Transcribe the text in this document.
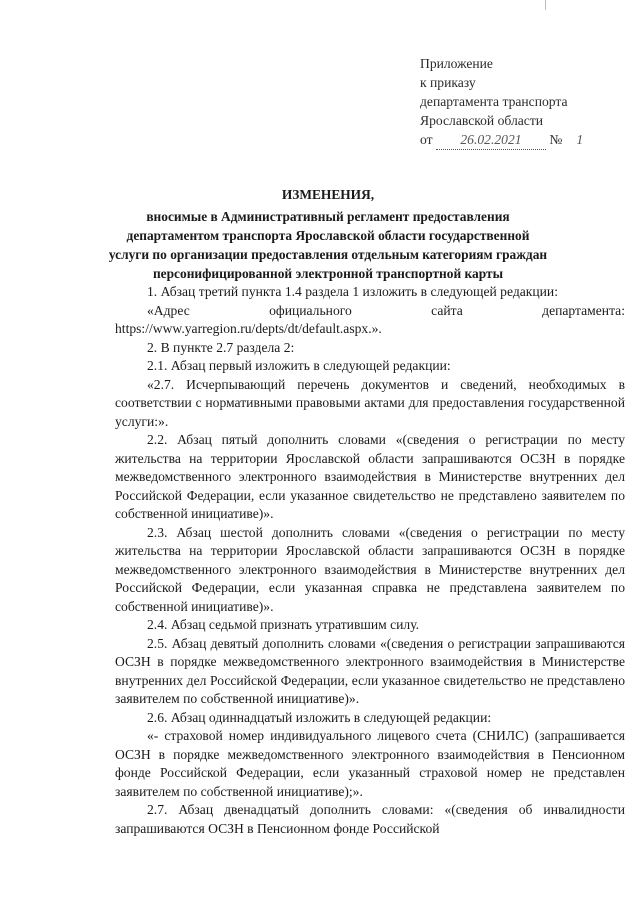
Приложение
к приказу
департамента транспорта
Ярославской области
от 26.02.2021 № 1
ИЗМЕНЕНИЯ,
вносимые в Административный регламент предоставления департаментом транспорта Ярославской области государственной услуги по организации предоставления отдельным категориям граждан персонифицированной электронной транспортной карты

1. Абзац третий пункта 1.4 раздела 1 изложить в следующей редакции:

«Адрес официального сайта департамента: https://www.yarregion.ru/depts/dt/default.aspx.».

2. В пункте 2.7 раздела 2:

2.1. Абзац первый изложить в следующей редакции:

«2.7. Исчерпывающий перечень документов и сведений, необходимых в соответствии с нормативными правовыми актами для предоставления государственной услуги:».

2.2. Абзац пятый дополнить словами «(сведения о регистрации по месту жительства на территории Ярославской области запрашиваются ОСЗН в порядке межведомственного электронного взаимодействия в Министерстве внутренних дел Российской Федерации, если указанное свидетельство не представлено заявителем по собственной инициативе)».

2.3. Абзац шестой дополнить словами «(сведения о регистрации по месту жительства на территории Ярославской области запрашиваются ОСЗН в порядке межведомственного электронного взаимодействия в Министерстве внутренних дел Российской Федерации, если указанная справка не представлена заявителем по собственной инициативе)».

2.4. Абзац седьмой признать утратившим силу.

2.5. Абзац девятый дополнить словами «(сведения о регистрации запрашиваются ОСЗН в порядке межведомственного электронного взаимодействия в Министерстве внутренних дел Российской Федерации, если указанное свидетельство не представлено заявителем по собственной инициативе)».

2.6. Абзац одиннадцатый изложить в следующей редакции:

«- страховой номер индивидуального лицевого счета (СНИЛС) (запрашивается ОСЗН в порядке межведомственного электронного взаимодействия в Пенсионном фонде Российской Федерации, если указанный страховой номер не представлен заявителем по собственной инициативе);».

2.7. Абзац двенадцатый дополнить словами: «(сведения об инвалидности запрашиваются ОСЗН в Пенсионном фонде Российской
